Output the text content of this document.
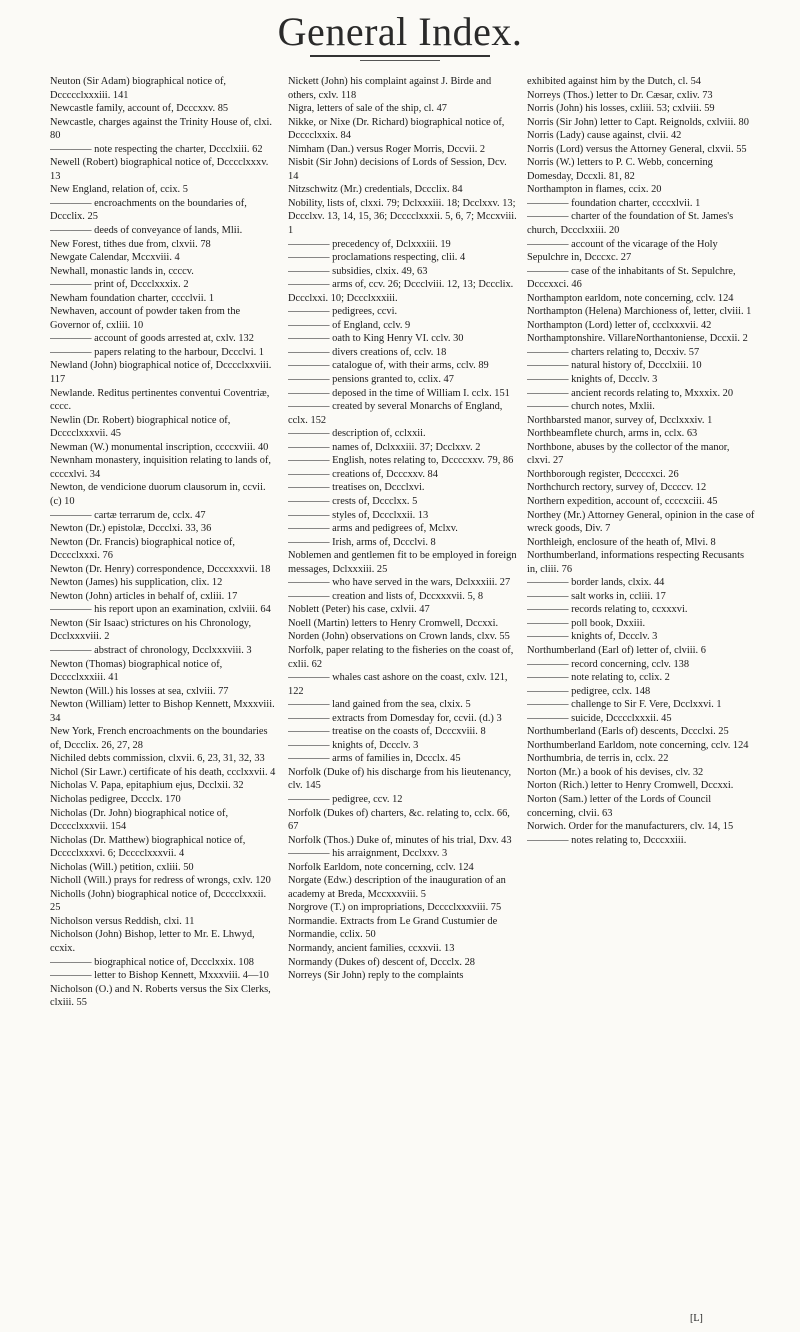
General Index.
Neuton (Sir Adam) biographical notice of, Dccccclxxxiii. 141
Newcastle family, account of, Dcccxxv. 85
Newcastle, charges against the Trinity House of, clxi. 80
———— note respecting the charter, Dccclxiii. 62
Newell (Robert) biographical notice of, Dcccclxxxv. 13
New England, relation of, ccix. 5
———— encroachments on the boundaries of, Dccclix. 25
———— deeds of conveyance of lands, Mlii.
New Forest, tithes due from, clxvii. 78
Newgate Calendar, Mccxviii. 4
Newhall, monastic lands in, ccccv.
———— print of, Dccclxxxix. 2
Newham foundation charter, cccclvii. 1
Newhaven, account of powder taken from the Governor of, cxliii. 10
———— account of goods arrested at, cxlv. 132
———— papers relating to the harbour, Dccclvi. 1
Newland (John) biographical notice of, Dcccclxxviii. 117
Newlande. Reditus pertinentes conventui Coventriæ, cccc.
Newlin (Dr. Robert) biographical notice of, Dcccclxxxvii. 45
Newman (W.) monumental inscription, ccccxviii. 40
Newnham monastery, inquisition relating to lands of, ccccxlvi. 34
Newton, de vendicione duorum clausorum in, ccvii. (c) 10
———— cartæ terrarum de, cclx. 47
Newton (Dr.) epistolæ, Dccclxi. 33, 36
Newton (Dr. Francis) biographical notice of, Dcccclxxxi. 76
Newton (Dr. Henry) correspondence, Dcccxxxvii. 18
Newton (James) his supplication, clix. 12
Newton (John) articles in behalf of, cxliii. 17
———— his report upon an examination, cxlviii. 64
Newton (Sir Isaac) strictures on his Chronology, Dcclxxxviii. 2
———— abstract of chronology, Dcclxxxviii. 3
Newton (Thomas) biographical notice of, Dcccclxxxiii. 41
Newton (Will.) his losses at sea, cxlviii. 77
Newton (William) letter to Bishop Kennett, Mxxxviii. 34
New York, French encroachments on the boundaries of, Dccclix. 26, 27, 28
Nichiled debts commission, clxvii. 6, 23, 31, 32, 33
Nichol (Sir Lawr.) certificate of his death, ccclxxvii. 4
Nicholas V. Papa, epitaphium ejus, Dcclxii. 32
Nicholas pedigree, Dccclx. 170
Nicholas (Dr. John) biographical notice of, Dcccclxxxvii. 154
Nicholas (Dr. Matthew) biographical notice of, Dcccclxxxvi. 6; Dcccclxxxvii. 4
Nicholas (Will.) petition, cxliii. 50
Nicholl (Will.) prays for redress of wrongs, cxlv. 120
Nicholls (John) biographical notice of, Dcccclxxxii. 25
Nicholson versus Reddish, clxi. 11
Nicholson (John) Bishop, letter to Mr. E. Lhwyd, ccxix.
———— biographical notice of, Dccclxxix. 108
———— letter to Bishop Kennett, Mxxxviii. 4—10
Nicholson (O.) and N. Roberts versus the Six Clerks, clxiii. 55
Nickett (John) his complaint against J. Birde and others, cxlv. 118
Nigra, letters of sale of the ship, cl. 47
Nikke, or Nixe (Dr. Richard) biographical notice of, Dcccclxxix. 84
Nimham (Dan.) versus Roger Morris, Dccvii. 2
Nisbit (Sir John) decisions of Lords of Session, Dcv. 14
Nitzschwitz (Mr.) credentials, Dccclix. 84
Nobility, lists of, clxxi. 79; Dclxxxiii. 18; Dcclxxv. 13; Dccclxv. 13, 14, 15, 36; Dcccclxxxii. 5, 6, 7; Mccxviii. 1
———— precedency of, Dclxxxiii. 19
———— proclamations respecting, clii. 4
———— subsidies, clxix. 49, 63
———— arms of, ccv. 26; Dccclviii. 12, 13; Dccclix. Dccclxxi. 10; Dccclxxxiii.
———— pedigrees, ccvi.
———— of England, cclv. 9
———— oath to King Henry VI. cclv. 30
———— divers creations of, cclv. 18
———— catalogue of, with their arms, cclv. 89
———— pensions granted to, cclix. 47
———— deposed in the time of William I. cclx. 151
———— created by several Monarchs of England, cclx. 152
———— description of, cclxxii.
———— names of, Dclxxxiii. 37; Dcclxxv. 2
———— English, notes relating to, Dccccxxv. 79, 86
———— creations of, Dcccxxv. 84
———— treatises on, Dccclxvi.
———— crests of, Dccclxx. 5
———— styles of, Dccclxxii. 13
———— arms and pedigrees of, Mclxv.
———— Irish, arms of, Dccclvi. 8
Noblemen and gentlemen fit to be employed in foreign messages, Dclxxxiii. 25
———— who have served in the wars, Dclxxxiii. 27
———— creation and lists of, Dccxxxvii. 5, 8
Noblett (Peter) his case, cxlvii. 47
Noell (Martin) letters to Henry Cromwell, Dccxxi.
Norden (John) observations on Crown lands, clxv. 55
Norfolk, paper relating to the fisheries on the coast of, cxlii. 62
———— whales cast ashore on the coast, cxlv. 121, 122
———— land gained from the sea, clxix. 5
———— extracts from Domesday for, ccvii. (d.) 3
———— treatise on the coasts of, Dcccxviii. 8
———— knights of, Dccclv. 3
———— arms of families in, Dccclx. 45
Norfolk (Duke of) his discharge from his lieutenancy, clv. 145
———— pedigree, ccv. 12
Norfolk (Dukes of) charters, &c. relating to, cclx. 66, 67
Norfolk (Thos.) Duke of, minutes of his trial, Dxv. 43
———— his arraignment, Dcclxxv. 3
Norfolk Earldom, note concerning, cclv. 124
Norgate (Edw.) description of the inauguration of an academy at Breda, Mccxxxviii. 5
Norgrove (T.) on impropriations, Dcccclxxxviii. 75
Normandie. Extracts from Le Grand Custumier de Normandie, cclix. 50
Normandy, ancient families, ccxxvii. 13
Normandy (Dukes of) descent of, Dccclx. 28
Norreys (Sir John) reply to the complaints
exhibited against him by the Dutch, cl. 54
Norreys (Thos.) letter to Dr. Cæsar, cxliv. 73
Norris (John) his losses, cxliii. 53; cxlviii. 59
Norris (Sir John) letter to Capt. Reignolds, cxlviii. 80
Norris (Lady) cause against, clvii. 42
Norris (Lord) versus the Attorney General, clxvii. 55
Norris (W.) letters to P. C. Webb, concerning Domesday, Dccxli. 81, 82
Northampton in flames, ccix. 20
———— foundation charter, ccccxlvii. 1
———— charter of the foundation of St. James's church, Dccclxxiii. 20
———— account of the vicarage of the Holy Sepulchre in, Dcccxc. 27
———— case of the inhabitants of St. Sepulchre, Dcccxxci. 46
Northampton earldom, note concerning, cclv. 124
Northampton (Helena) Marchioness of, letter, clviii. 1
Northampton (Lord) letter of, ccclxxxvii. 42
Northamptonshire. VillareNorthantoniense, Dccxii. 2
———— charters relating to, Dccxiv. 57
———— natural history of, Dccclxiii. 10
———— knights of, Dccclv. 3
———— ancient records relating to, Mxxxix. 20
———— church notes, Mxlii.
Northbarsted manor, survey of, Dcclxxxiv. 1
Northbeamflete church, arms in, cclx. 63
Northbone, abuses by the collector of the manor, clxvi. 27
Northborough register, Dccccxci. 26
Northchurch rectory, survey of, Dccccv. 12
Northern expedition, account of, ccccxciii. 45
Northey (Mr.) Attorney General, opinion in the case of wreck goods, Div. 7
Northleigh, enclosure of the heath of, Mlvi. 8
Northumberland, informations respecting Recusants in, cliii. 76
———— border lands, clxix. 44
———— salt works in, ccliii. 17
———— records relating to, ccxxxvi.
———— poll book, Dxxiii.
———— knights of, Dccclv. 3
Northumberland (Earl of) letter of, clviii. 6
———— record concerning, cclv. 138
———— note relating to, cclix. 2
———— pedigree, cclx. 148
———— challenge to Sir F. Vere, Dcclxxvi. 1
———— suicide, Dcccclxxxii. 45
Northumberland (Earls of) descents, Dccclxi. 25
Northumberland Earldom, note concerning, cclv. 124
Northumbria, de terris in, cclx. 22
Norton (Mr.) a book of his devises, clv. 32
Norton (Rich.) letter to Henry Cromwell, Dccxxi.
Norton (Sam.) letter of the Lords of Council concerning, clvii. 63
Norwich. Order for the manufacturers, clv. 14, 15
———— notes relating to, Dcccxxiii.
[L]
